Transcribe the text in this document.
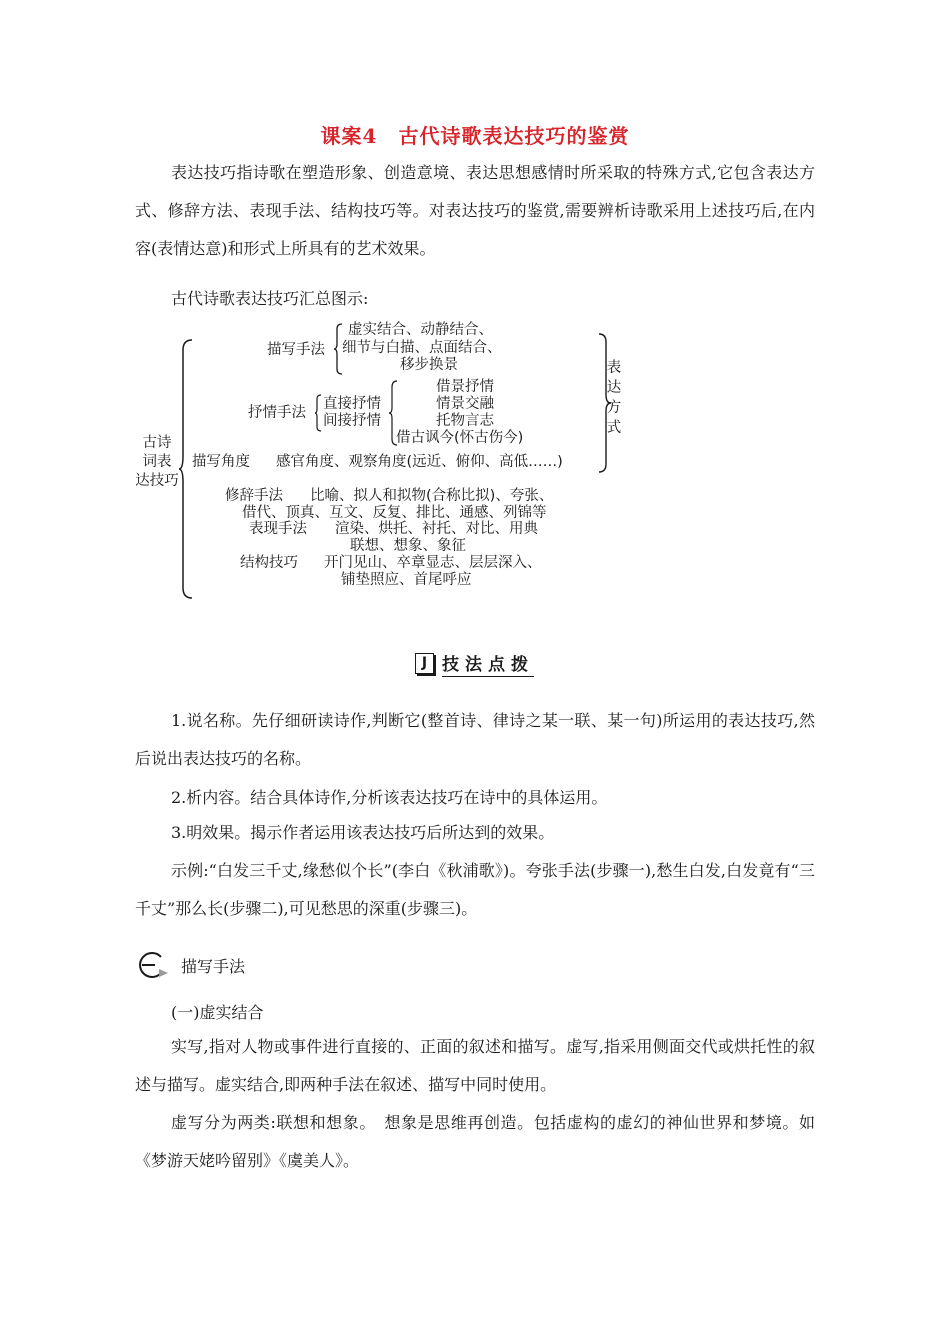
课案4　古代诗歌表达技巧的鉴赏
表达技巧指诗歌在塑造形象、创造意境、表达思想感情时所采取的特殊方式,它包含表达方式、修辞方法、表现手法、结构技巧等。对表达技巧的鉴赏,需要辨析诗歌采用上述技巧后,在内容(表情达意)和形式上所具有的艺术效果。
古代诗歌表达技巧汇总图示:
古诗
词表
达技巧
描写手法
虚实结合、动静结合、
细节与白描、点面结合、
移步换景
抒情手法
直接抒情
间接抒情
借景抒情
情景交融
托物言志
借古讽今(怀古伤今)
描写角度 感官角度、观察角度(远近、俯仰、高低……)
表
达
方
式
修辞手法 比喻、拟人和拟物(合称比拟)、夸张、
借代、顶真、互文、反复、排比、通感、列锦等
表现手法 渲染、烘托、衬托、对比、用典
联想、想象、象征
结构技巧 开门见山、卒章显志、层层深入、
铺垫照应、首尾呼应
J 技法点拨
1.说名称。先仔细研读诗作,判断它(整首诗、律诗之某一联、某一句)所运用的表达技巧,然后说出表达技巧的名称。
2.析内容。结合具体诗作,分析该表达技巧在诗中的具体运用。
3.明效果。揭示作者运用该表达技巧后所达到的效果。
示例:“白发三千丈,缘愁似个长”(李白《秋浦歌》)。夸张手法(步骤一),愁生白发,白发竟有“三千丈”那么长(步骤二),可见愁思的深重(步骤三)。
描写手法
(一)虚实结合
实写,指对人物或事件进行直接的、正面的叙述和描写。虚写,指采用侧面交代或烘托性的叙述与描写。虚实结合,即两种手法在叙述、描写中同时使用。
虚写分为两类:联想和想象。　想象是思维再创造。包括虚构的虚幻的神仙世界和梦境。如《梦游天姥吟留别》《虞美人》。
